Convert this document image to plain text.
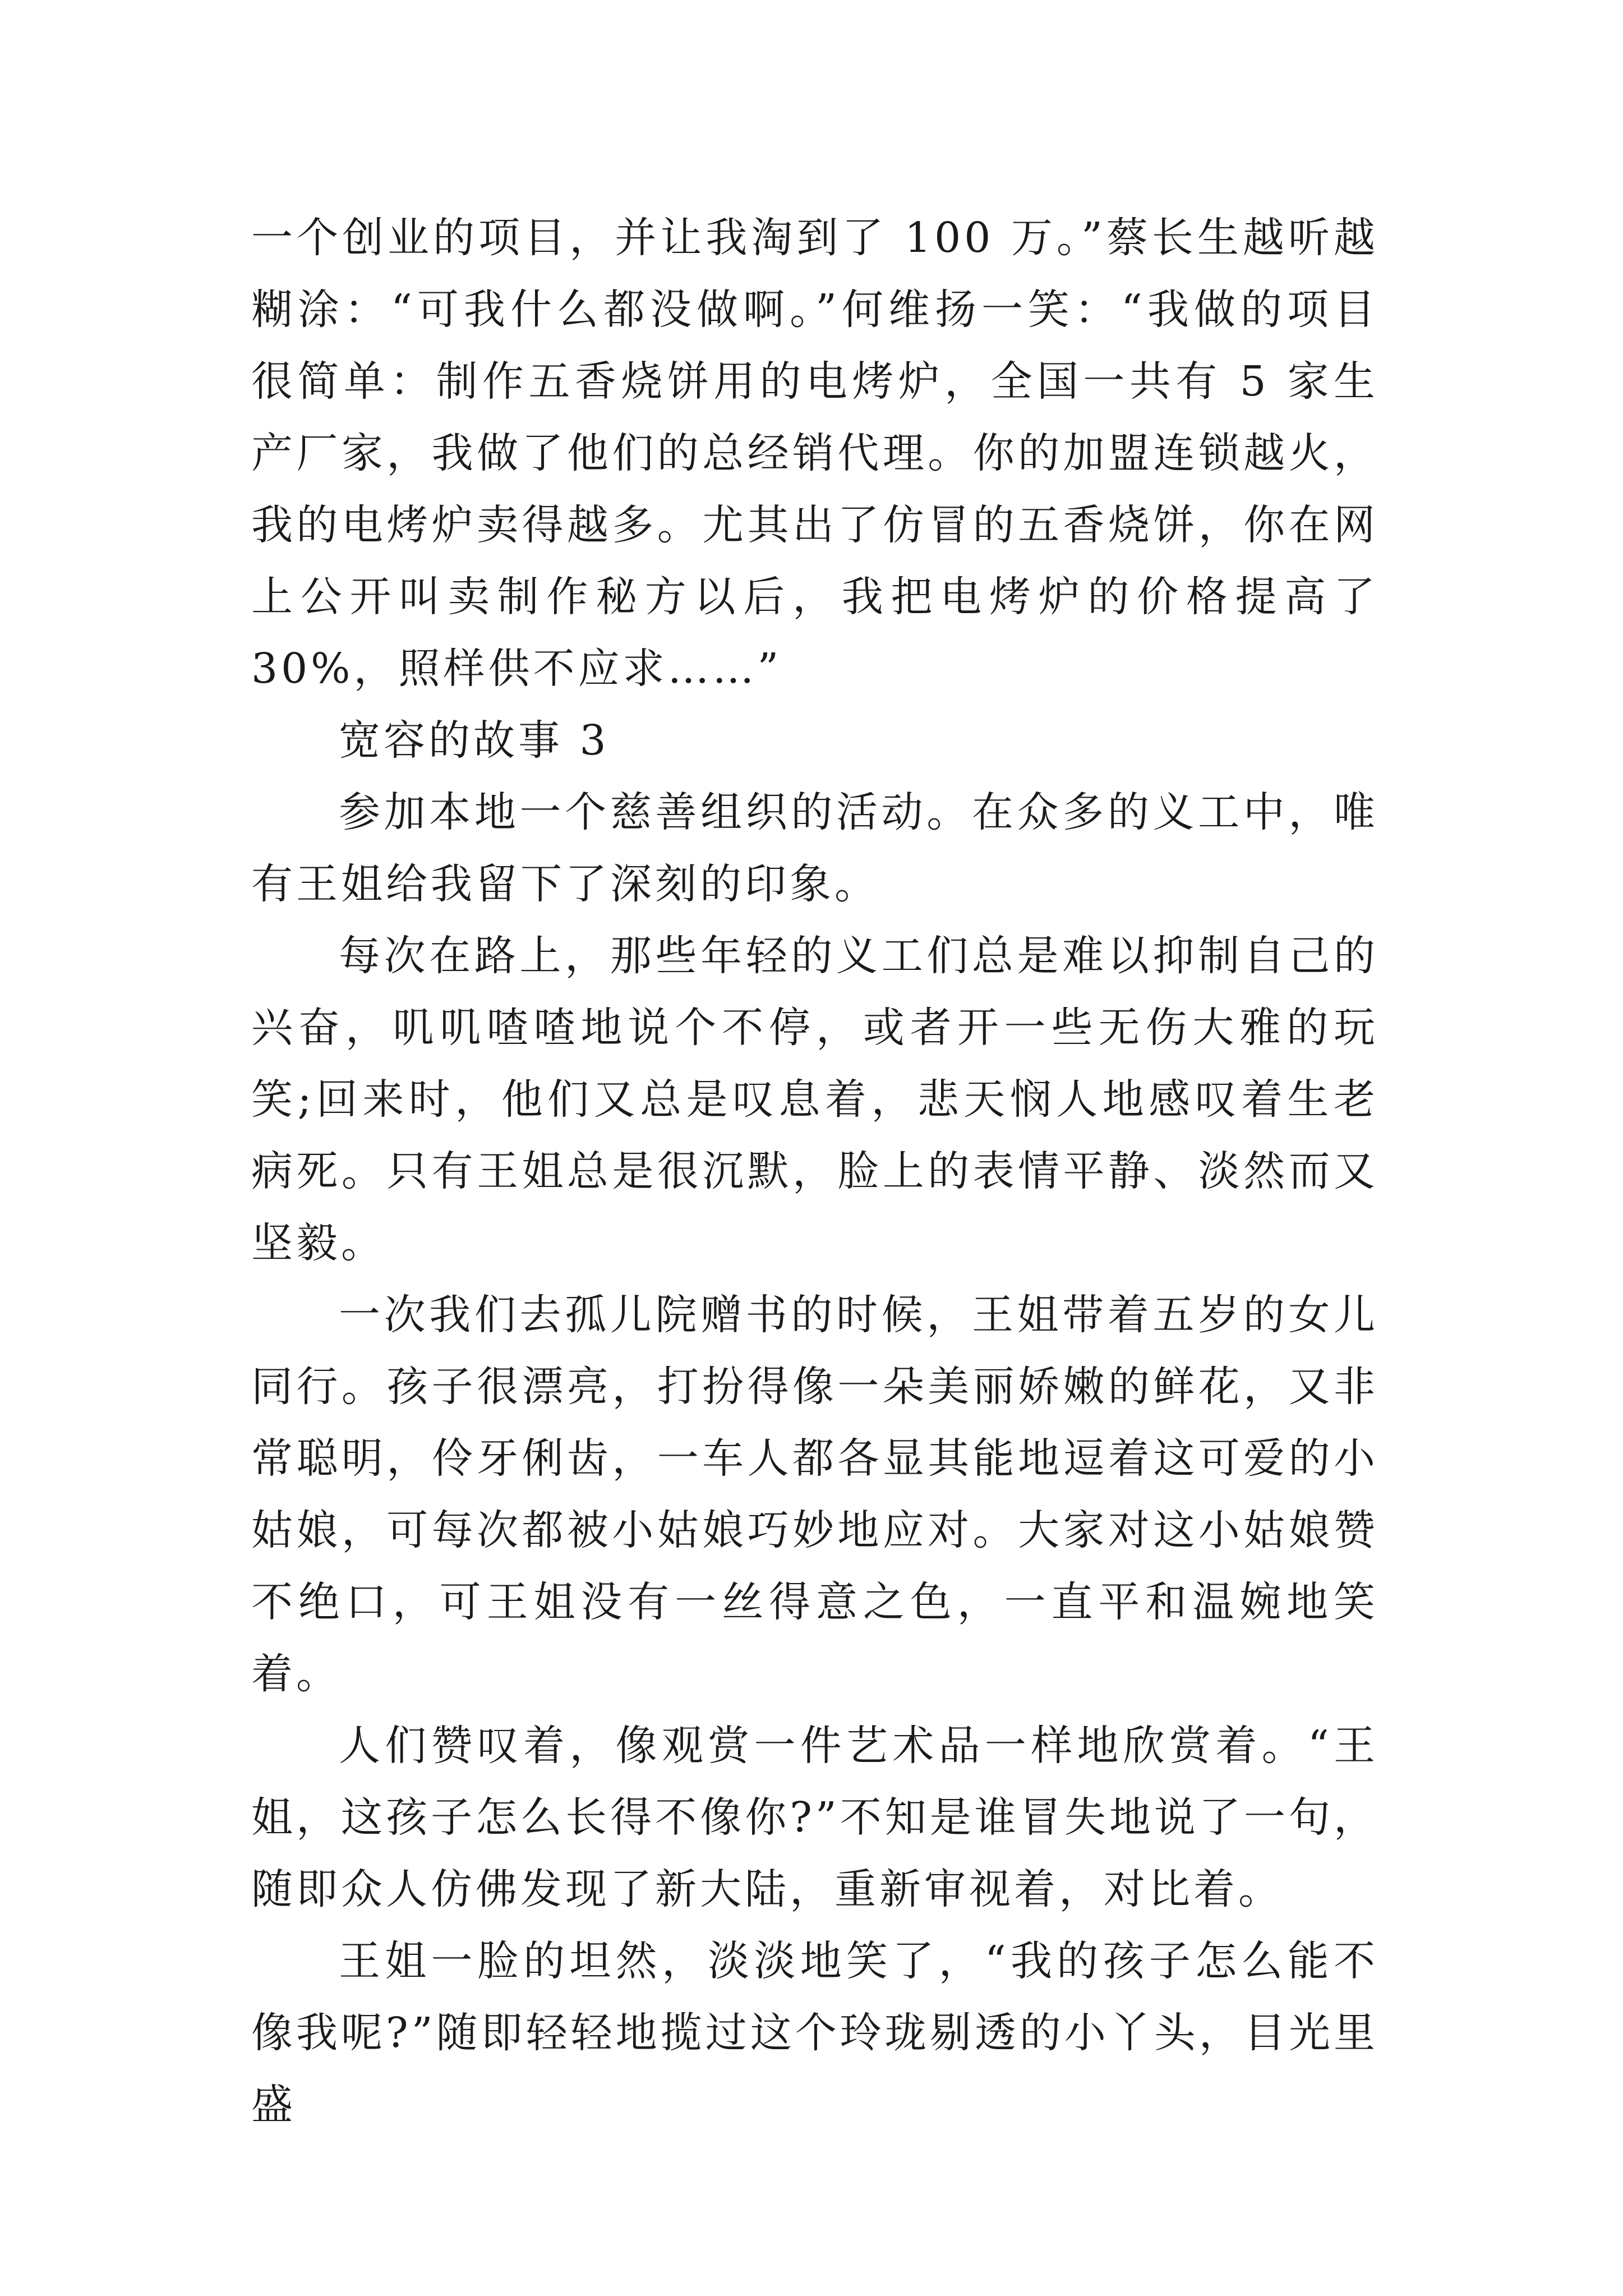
一个创业的项目，并让我淘到了 100 万。”蔡长生越听越糊涂：“可我什么都没做啊。”何维扬一笑：“我做的项目很简单：制作五香烧饼用的电烤炉，全国一共有 5 家生产厂家，我做了他们的总经销代理。你的加盟连锁越火，我的电烤炉卖得越多。尤其出了仿冒的五香烧饼，你在网上公开叫卖制作秘方以后，我把电烤炉的价格提高了 30%，照样供不应求……”

宽容的故事 3

参加本地一个慈善组织的活动。在众多的义工中，唯有王姐给我留下了深刻的印象。

每次在路上，那些年轻的义工们总是难以抑制自己的兴奋，叽叽喳喳地说个不停，或者开一些无伤大雅的玩笑;回来时，他们又总是叹息着，悲天悯人地感叹着生老病死。只有王姐总是很沉默，脸上的表情平静、淡然而又坚毅。

一次我们去孤儿院赠书的时候，王姐带着五岁的女儿同行。孩子很漂亮，打扮得像一朵美丽娇嫩的鲜花，又非常聪明，伶牙俐齿，一车人都各显其能地逗着这可爱的小姑娘，可每次都被小姑娘巧妙地应对。大家对这小姑娘赞不绝口，可王姐没有一丝得意之色，一直平和温婉地笑着。

人们赞叹着，像观赏一件艺术品一样地欣赏着。“王姐，这孩子怎么长得不像你?”不知是谁冒失地说了一句，随即众人仿佛发现了新大陆，重新审视着，对比着。

王姐一脸的坦然，淡淡地笑了，“我的孩子怎么能不像我呢?”随即轻轻地揽过这个玲珑剔透的小丫头，目光里盛
